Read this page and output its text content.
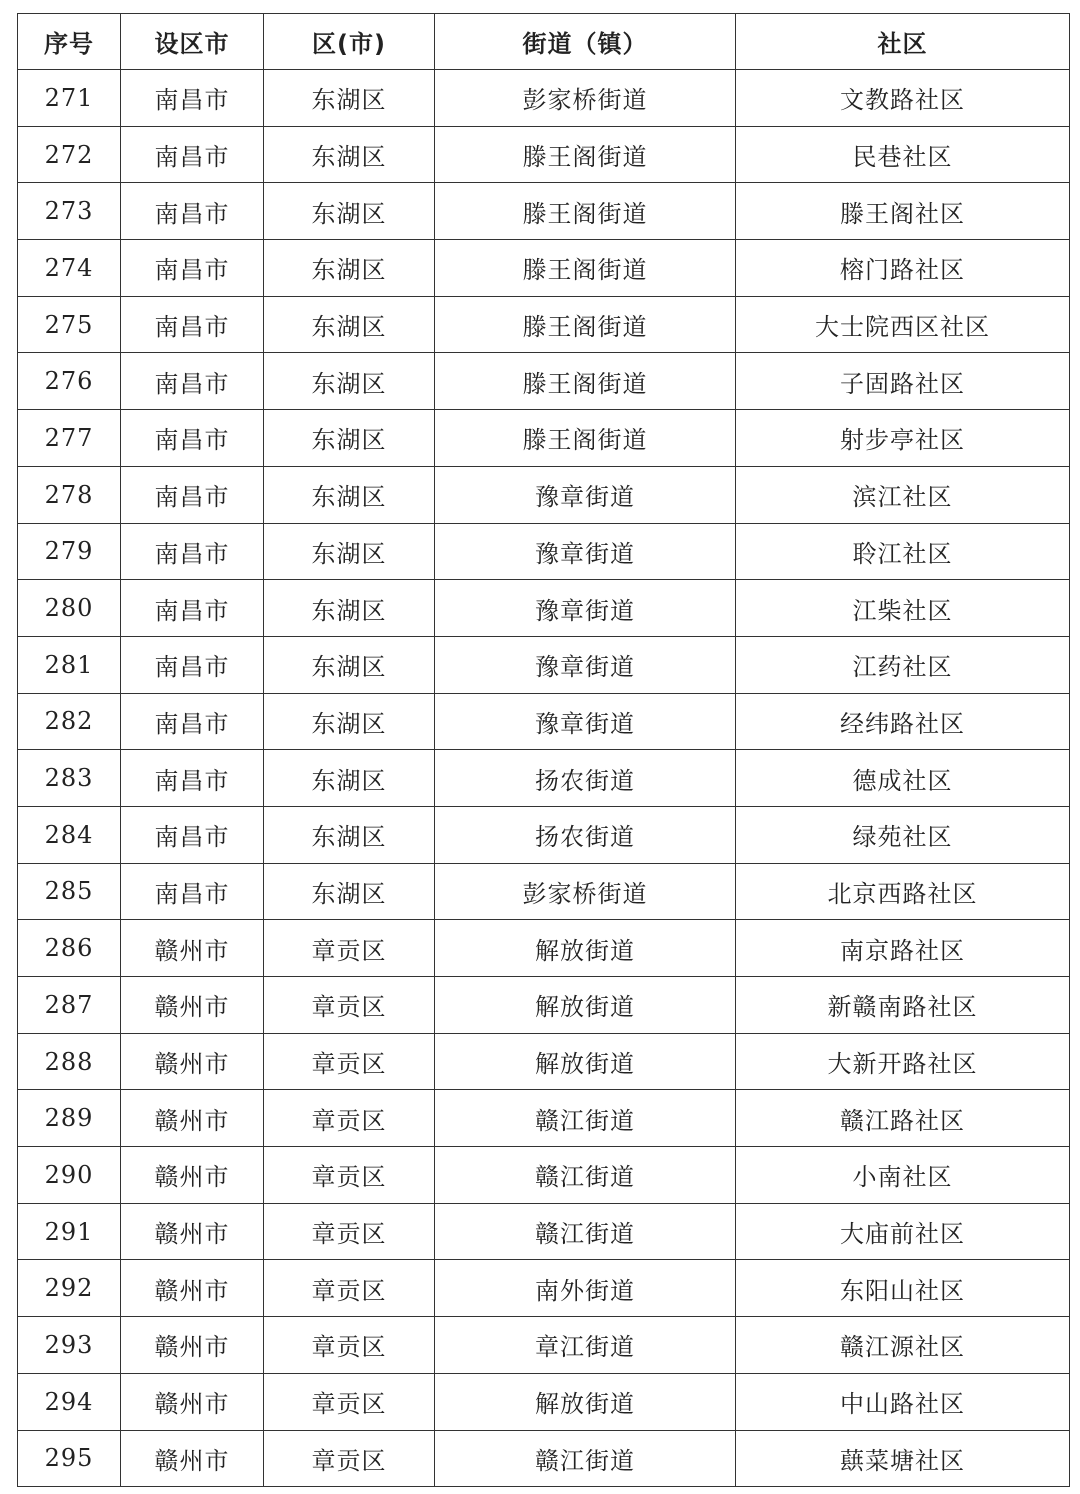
序号	设区市	区(市)	街道（镇）	社区
271	南昌市	东湖区	彭家桥街道	文教路社区
272	南昌市	东湖区	滕王阁街道	民巷社区
273	南昌市	东湖区	滕王阁街道	滕王阁社区
274	南昌市	东湖区	滕王阁街道	榕门路社区
275	南昌市	东湖区	滕王阁街道	大士院西区社区
276	南昌市	东湖区	滕王阁街道	子固路社区
277	南昌市	东湖区	滕王阁街道	射步亭社区
278	南昌市	东湖区	豫章街道	滨江社区
279	南昌市	东湖区	豫章街道	聆江社区
280	南昌市	东湖区	豫章街道	江柴社区
281	南昌市	东湖区	豫章街道	江药社区
282	南昌市	东湖区	豫章街道	经纬路社区
283	南昌市	东湖区	扬农街道	德成社区
284	南昌市	东湖区	扬农街道	绿苑社区
285	南昌市	东湖区	彭家桥街道	北京西路社区
286	赣州市	章贡区	解放街道	南京路社区
287	赣州市	章贡区	解放街道	新赣南路社区
288	赣州市	章贡区	解放街道	大新开路社区
289	赣州市	章贡区	赣江街道	赣江路社区
290	赣州市	章贡区	赣江街道	小南社区
291	赣州市	章贡区	赣江街道	大庙前社区
292	赣州市	章贡区	南外街道	东阳山社区
293	赣州市	章贡区	章江街道	赣江源社区
294	赣州市	章贡区	解放街道	中山路社区
295	赣州市	章贡区	赣江街道	蕻菜塘社区
